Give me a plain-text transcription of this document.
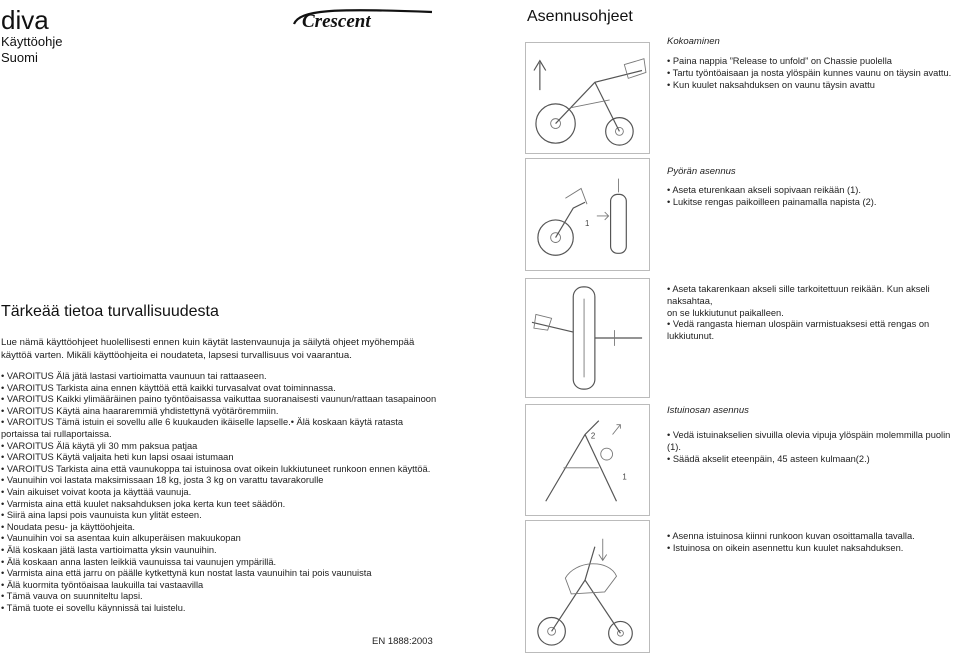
diva
Käyttöohje
Suomi
Crescent
Tärkeää tietoa turvallisuudesta
Lue nämä käyttöohjeet huolellisesti ennen kuin käytät lastenvaunuja ja säilytä ohjeet myöhempää käyttöä varten. Mikäli käyttöohjeita ei noudateta, lapsesi turvallisuus voi vaarantua.
• VAROITUS Älä jätä lastasi vartioimatta vaunuun tai rattaaseen.
• VAROITUS Tarkista aina ennen käyttöä että kaikki turvasalvat ovat toiminnassa.
• VAROITUS Kaikki ylimääräinen paino työntöaisassa vaikuttaa suoranaisesti vaunun/rattaan tasapainoon
• VAROITUS Käytä aina haararemmiä yhdistettynä vyötäröremmiin.
• VAROITUS Tämä istuin ei sovellu alle 6 kuukauden ikäiselle lapselle.• Älä koskaan käytä ratasta portaissa tai rullaportaissa.
• VAROITUS Älä käytä yli 30 mm paksua patjaa
• VAROITUS Käytä valjaita heti kun lapsi osaai istumaan
• VAROITUS Tarkista aina että vaunukoppa tai istuinosa ovat oikein lukkiutuneet runkoon ennen käyttöä.
• Vaunuihin voi lastata maksimissaan 18 kg, josta 3 kg on varattu tavarakorulle
• Vain aikuiset voivat koota ja käyttää vaunuja.
• Varmista aina että kuulet naksahduksen joka kerta kun teet säädön.
• Siirä aina lapsi pois vaunuista kun ylität esteen.
• Noudata pesu- ja käyttöohjeita.
• Vaunuihin voi sa asentaa kuin alkuperäisen makuukopan
• Älä koskaan jätä lasta vartioimatta yksin vaunuihin.
• Älä koskaan anna lasten leikkiä vaunuissa tai vaunujen ympärillä.
• Varmista aina että jarru on päälle kytkettynä kun nostat lasta vaunuihin tai pois vaunuista
• Älä kuormita työntöaisaa laukuilla tai vastaavilla
• Tämä vauva on suunniteltu lapsi.
• Tämä tuote ei sovellu käynnissä tai luistelu.
EN 1888:2003
Asennusohjeet
1
2
1
Kokoaminen
• Paina nappia ”Release to unfold” on Chassie puolella
• Tartu työntöaisaan ja nosta ylöspäin kunnes vaunu on täysin avattu.
• Kun kuulet naksahduksen on vaunu täysin avattu
Pyörän asennus
• Aseta eturenkaan akseli sopivaan reikään (1).
• Lukitse rengas paikoilleen painamalla napista (2).
• Aseta takarenkaan akseli sille tarkoitettuun reikään. Kun akseli naksahtaa,
on se lukkiutunut paikalleen.
• Vedä rangasta hieman ulospäin varmistuaksesi että rengas on lukkiutunut.
Istuinosan asennus
• Vedä istuinakselien sivuilla olevia vipuja ylöspäin molemmilla puolin (1).
• Säädä akselit eteenpäin, 45 asteen kulmaan(2.)
• Asenna istuinosa kiinni runkoon kuvan osoittamalla tavalla.
• Istuinosa on oikein asennettu kun kuulet naksahduksen.
